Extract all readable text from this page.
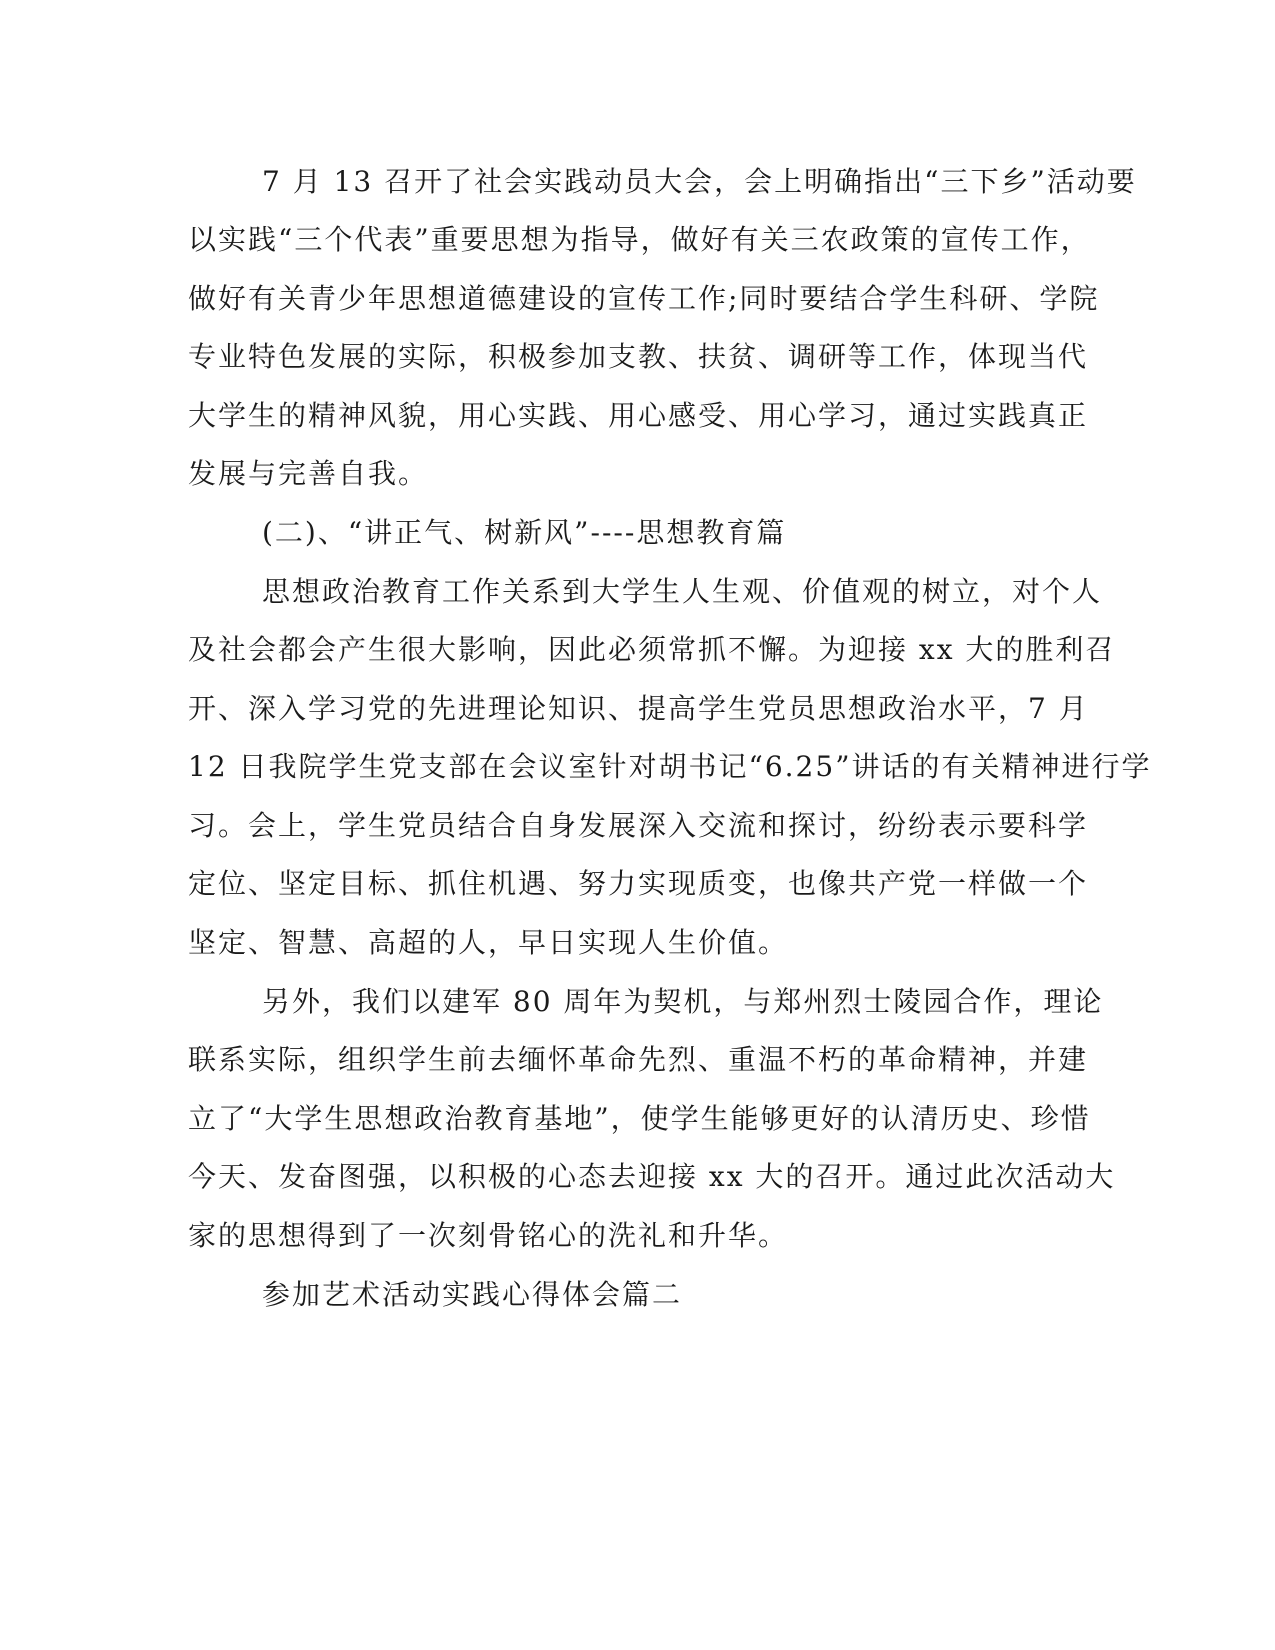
7 月 13 召开了社会实践动员大会，会上明确指出“三下乡”活动要
以实践“三个代表”重要思想为指导，做好有关三农政策的宣传工作，
做好有关青少年思想道德建设的宣传工作;同时要结合学生科研、学院
专业特色发展的实际，积极参加支教、扶贫、调研等工作，体现当代
大学生的精神风貌，用心实践、用心感受、用心学习，通过实践真正
发展与完善自我。
(二)、“讲正气、树新风”----思想教育篇
思想政治教育工作关系到大学生人生观、价值观的树立，对个人
及社会都会产生很大影响，因此必须常抓不懈。为迎接 xx 大的胜利召
开、深入学习党的先进理论知识、提高学生党员思想政治水平，7 月
12 日我院学生党支部在会议室针对胡书记“6.25”讲话的有关精神进行学
习。会上，学生党员结合自身发展深入交流和探讨，纷纷表示要科学
定位、坚定目标、抓住机遇、努力实现质变，也像共产党一样做一个
坚定、智慧、高超的人，早日实现人生价值。
另外，我们以建军 80 周年为契机，与郑州烈士陵园合作，理论
联系实际，组织学生前去缅怀革命先烈、重温不朽的革命精神，并建
立了“大学生思想政治教育基地”，使学生能够更好的认清历史、珍惜
今天、发奋图强，以积极的心态去迎接 xx 大的召开。通过此次活动大
家的思想得到了一次刻骨铭心的洗礼和升华。
参加艺术活动实践心得体会篇二
